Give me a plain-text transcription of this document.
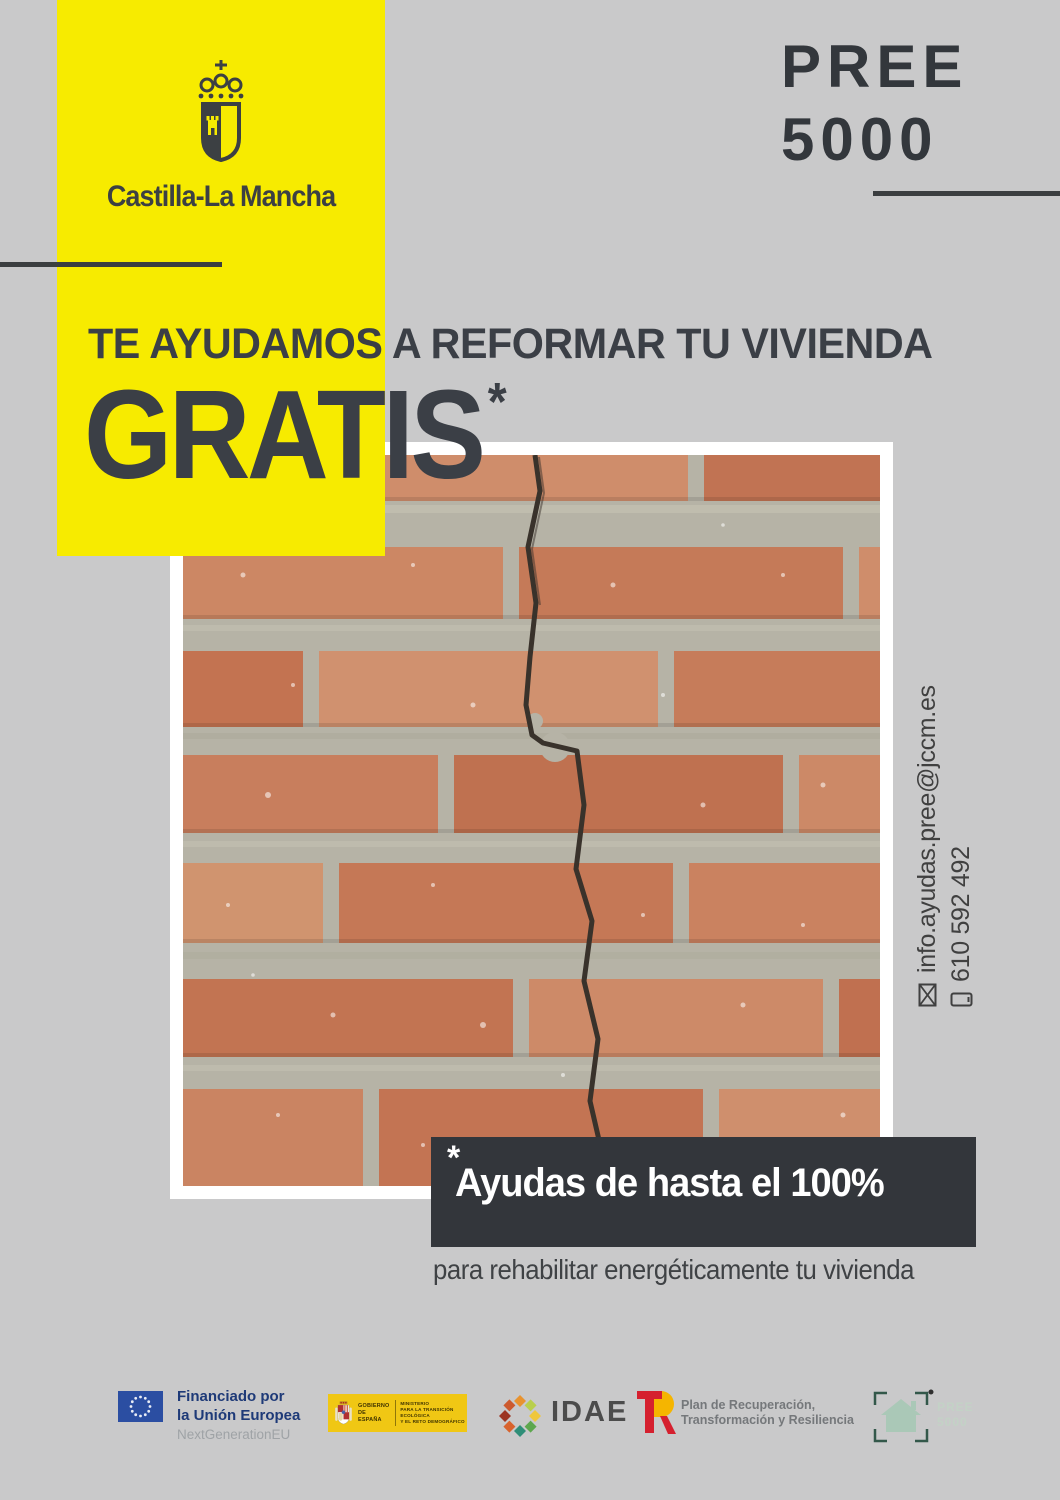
Castilla-La Mancha
PREE
5000
TE AYUDAMOS A REFORMAR TU VIVIENDA
GRATIS*
info.ayudas.pree@jccm.es 610 592 492
*
Ayudas de hasta el 100%
para rehabilitar energéticamente tu vivienda
Financiado por
la Unión Europea
NextGenerationEU
GOBIERNO
DE ESPAÑA
MINISTERIO
PARA LA TRANSICIÓN ECOLÓGICA
Y EL RETO DEMOGRÁFICO	IDAE	Plan de Recuperación,
Transformación y Resiliencia
PREE
5000
